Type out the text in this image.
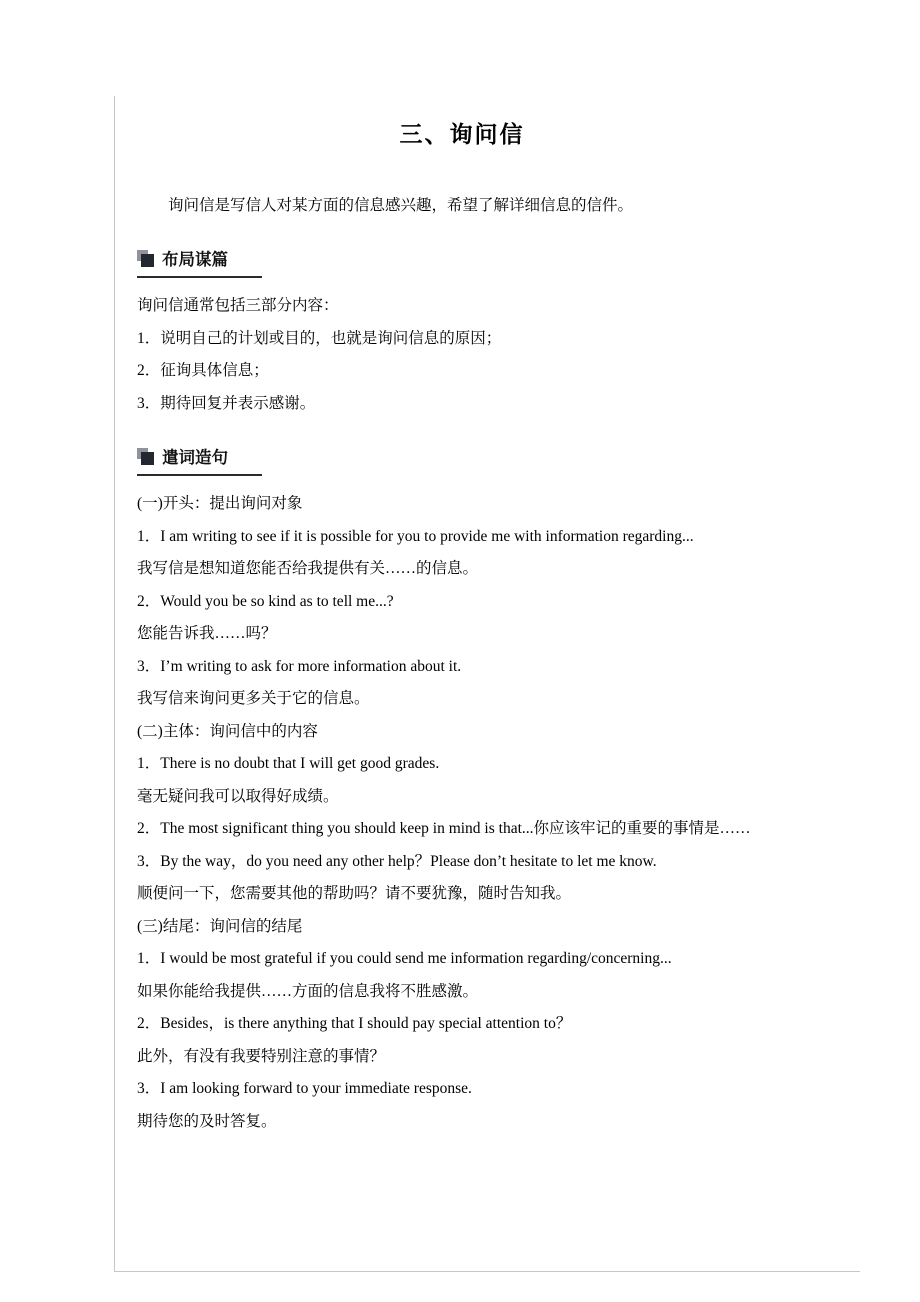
三、询问信

询问信是写信人对某方面的信息感兴趣，希望了解详细信息的信件。

布局谋篇
询问信通常包括三部分内容：
1．说明自己的计划或目的，也就是询问信息的原因；
2．征询具体信息；
3．期待回复并表示感谢。
遣词造句
(一)开头：提出询问对象
1．I am writing to see if it is possible for you to provide me with information regarding...
我写信是想知道您能否给我提供有关……的信息。
2．Would you be so kind as to tell me...?
您能告诉我……吗？
3．I’m writing to ask for more information about it.
我写信来询问更多关于它的信息。
(二)主体：询问信中的内容
1．There is no doubt that I will get good grades.
毫无疑问我可以取得好成绩。
2．The most significant thing you should keep in mind is that...你应该牢记的重要的事情是……
3．By the way，do you need any other help？Please don’t hesitate to let me know.
顺便问一下，您需要其他的帮助吗？请不要犹豫，随时告知我。
(三)结尾：询问信的结尾
1．I would be most grateful if you could send me information regarding/concerning...
如果你能给我提供……方面的信息我将不胜感激。
2．Besides，is there anything that I should pay special attention to？
此外，有没有我要特别注意的事情？
3．I am looking forward to your immediate response.
期待您的及时答复。
